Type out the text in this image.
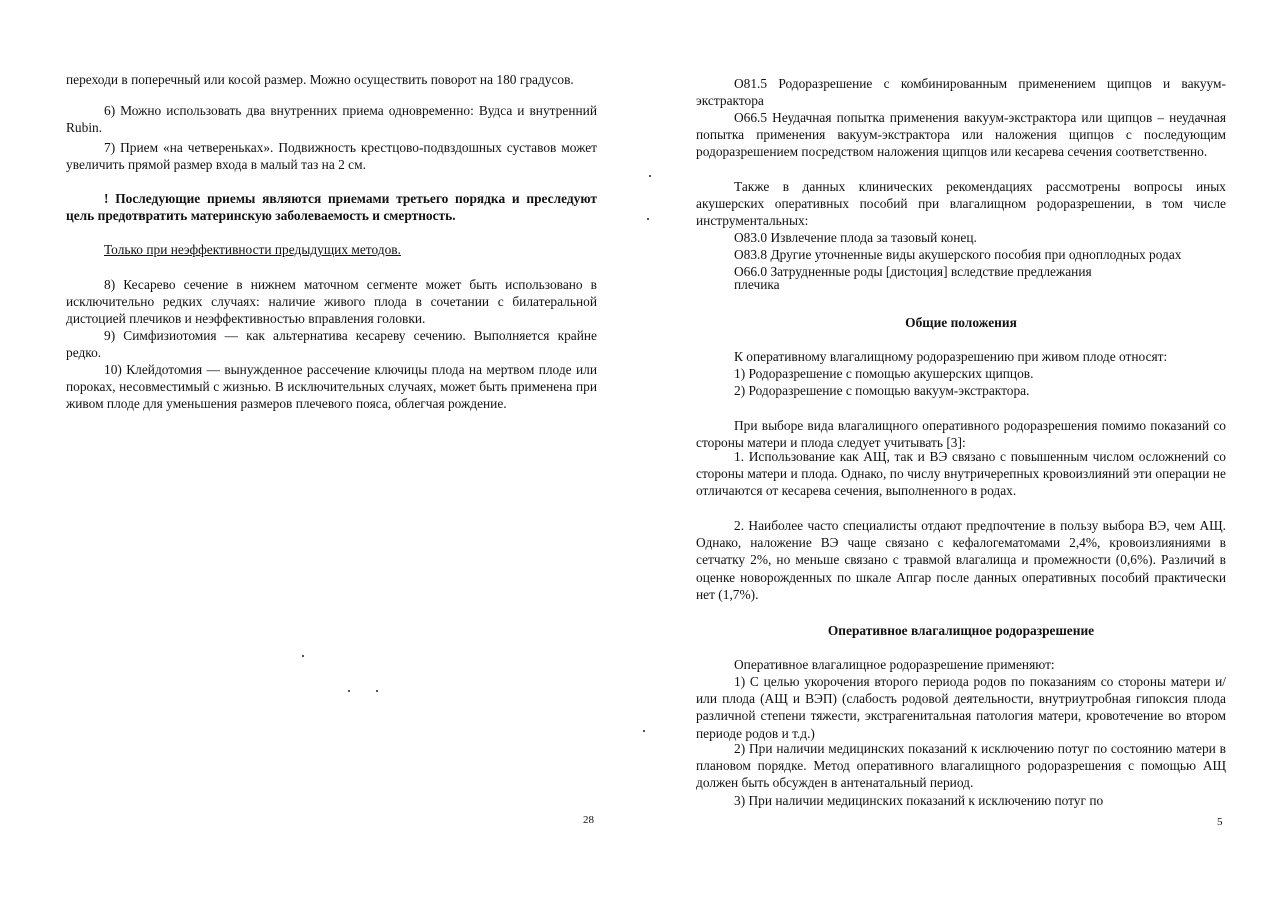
переходи в поперечный или косой размер. Можно осуществить поворот на 180 градусов.

6) Можно использовать два внутренних приема одновременно: Вудса и внутренний Rubin.

7) Прием «на четвереньках». Подвижность крестцово-подвздошных суставов может увеличить прямой размер входа в малый таз на 2 см.

! Последующие приемы являются приемами третьего порядка и преследуют цель предотвратить материнскую заболеваемость и смертность.

Только при неэффективности предыдущих методов.

8) Кесарево сечение в нижнем маточном сегменте может быть использовано в исключительно редких случаях: наличие живого плода в сочетании с билатеральной дистоцией плечиков и неэффективностью вправления головки.

9) Симфизиотомия — как альтернатива кесареву сечению. Выполняется крайне редко.

10) Клейдотомия — вынужденное рассечение ключицы плода на мертвом плоде или пороках, несовместимый с жизнью. В исключительных случаях, может быть применена при живом плоде для уменьшения размеров плечевого пояса, облегчая рождение.

28

O81.5 Родоразрешение с комбинированным применением щипцов и вакуум-экстрактора

O66.5 Неудачная попытка применения вакуум-экстрактора или щипцов – неудачная попытка применения вакуум-экстрактора или наложения щипцов с последующим родоразрешением посредством наложения щипцов или кесарева сечения соответственно.

Также в данных клинических рекомендациях рассмотрены вопросы иных акушерских оперативных пособий при влагалищном родоразрешении, в том числе инструментальных:

O83.0 Извлечение плода за тазовый конец.

O83.8 Другие уточненные виды акушерского пособия при одноплодных родах

O66.0 Затрудненные роды [дистоция] вследствие предлежания

плечика

Общие положения

К оперативному влагалищному родоразрешению при живом плоде относят:

1) Родоразрешение с помощью акушерских щипцов.

2) Родоразрешение с помощью вакуум-экстрактора.

При выборе вида влагалищного оперативного родоразрешения помимо показаний со стороны матери и плода следует учитывать [3]:

1. Использование как АЩ, так и ВЭ связано с повышенным числом осложнений со стороны матери и плода. Однако, по числу внутричерепных кровоизлияний эти операции не отличаются от кесарева сечения, выполненного в родах.

2. Наиболее часто специалисты отдают предпочтение в пользу выбора ВЭ, чем АЩ. Однако, наложение ВЭ чаще связано с кефалогематомами 2,4%, кровоизлияниями в сетчатку 2%, но меньше связано с травмой влагалища и промежности (0,6%). Различий в оценке новорожденных по шкале Апгар после данных оперативных пособий практически нет (1,7%).

Оперативное влагалищное родоразрешение

Оперативное влагалищное родоразрешение применяют:

1) С целью укорочения второго периода родов по показаниям со стороны матери и/или плода (АЩ и ВЭП) (слабость родовой деятельности, внутриутробная гипоксия плода различной степени тяжести, экстрагенитальная патология матери, кровотечение во втором периоде родов и т.д.)

2) При наличии медицинских показаний к исключению потуг по состоянию матери в плановом порядке. Метод оперативного влагалищного родоразрешения с помощью АЩ должен быть обсужден в антенатальный период.

3) При наличии медицинских показаний к исключению потуг по

5
